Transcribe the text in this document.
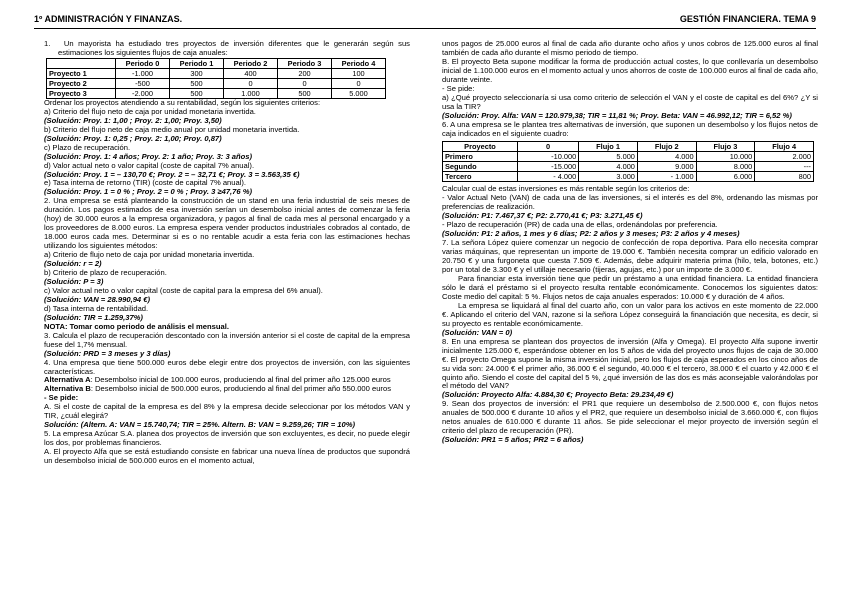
1º ADMINISTRACIÓN Y FINANZAS.	GESTIÓN FINANCIERA. TEMA 9

1. Un mayorista ha estudiado tres proyectos de inversión diferentes que le generarán según sus estimaciones los siguientes flujos de caja anuales:

	Periodo 0	Periodo 1	Periodo 2	Periodo 3	Periodo 4
Proyecto 1	-1.000	300	400	200	100
Proyecto 2	-500	500	0	0	0
Proyecto 3	-2.000	500	1.000	500	5.000

Ordenar los proyectos atendiendo a su rentabilidad, según los siguientes criterios:

a) Criterio del flujo neto de caja por unidad monetaria invertida.

(Solución: Proy. 1: 1,00 ; Proy. 2: 1,00; Proy. 3,50)

b) Criterio del flujo neto de caja medio anual por unidad monetaria invertida.

(Solución: Proy. 1: 0,25 ; Proy. 2: 1,00; Proy. 0,87)

c) Plazo de recuperación.

(Solución: Proy. 1: 4 años; Proy. 2: 1 año; Proy. 3: 3 años)

d) Valor actual neto o valor capital (coste de capital 7% anual).

(Solución: Proy. 1 = – 130,70 €; Proy. 2 = – 32,71 €; Proy. 3 = 3.563,35 €)

e) Tasa interna de retorno (TIR) (coste de capital 7% anual).

(Solución: Proy. 1 = 0 % ; Proy. 2 = 0 % ; Proy. 3 ≥47,76 %)

2. Una empresa se está planteando la construcción de un stand en una feria industrial de seis meses de duración. Los pagos estimados de esa inversión serían un desembolso inicial antes de comenzar la feria (hoy) de 30.000 euros a la empresa organizadora, y pagos al final de cada mes al personal encargado y a los proveedores de 8.000 euros. La empresa espera vender productos industriales cobrados al contado, de 18.000 euros cada mes. Determinar si es o no rentable acudir a esta feria con las estimaciones hechas utilizando los siguientes métodos:

a) Criterio de flujo neto de caja por unidad monetaria invertida.

(Solución: r = 2)

b) Criterio de plazo de recuperación.

(Solución: P = 3)

c) Valor actual neto o valor capital (coste de capital para la empresa del 6% anual).

(Solución: VAN = 28.990,94 €)

d) Tasa interna de rentabilidad.

(Solución: TIR = 1.259,37%)

NOTA: Tomar como periodo de análisis el mensual.

3. Calcula el plazo de recuperación descontado con la inversión anterior si el coste de capital de la empresa fuese del 1,7% mensual.

(Solución: PRD = 3 meses y 3 días)

4. Una empresa que tiene 500.000 euros debe elegir entre dos proyectos de inversión, con las siguientes características.

Alternativa A: Desembolso inicial de 100.000 euros, produciendo al final del primer año 125.000 euros

Alternativa B: Desembolso inicial de 500.000 euros, produciendo al final del primer año 550.000 euros

- Se pide:

A. Si el coste de capital de la empresa es del 8% y la empresa decide seleccionar por los métodos VAN y TIR, ¿cuál elegirá?

Solución: (Altern. A: VAN = 15.740,74; TIR = 25%. Altern. B: VAN = 9.259,26; TIR = 10%)

5. La empresa Azúcar S.A. planea dos proyectos de inversión que son excluyentes, es decir, no puede elegir los dos, por problemas financieros.

A. El proyecto Alfa que se está estudiando consiste en fabricar una nueva línea de productos que supondrá un desembolso inicial de 500.000 euros en el momento actual,

unos pagos de 25.000 euros al final de cada año durante ocho años y unos cobros de 125.000 euros al final también de cada año durante el mismo periodo de tiempo.

B. El proyecto Beta supone modificar la forma de producción actual costes, lo que conllevaría un desembolso inicial de 1.100.000 euros en el momento actual y unos ahorros de coste de 100.000 euros al final de cada año, durante veinte.

- Se pide:

a) ¿Qué proyecto seleccionaría si usa como criterio de selección el VAN y el coste de capital es del 6%? ¿Y si usa la TIR?

(Solución: Proy. Alfa: VAN = 120.979,38; TIR = 11,81 %; Proy. Beta: VAN = 46.992,12; TIR = 6,52 %)

6. A una empresa se le plantea tres alternativas de inversión, que suponen un desembolso y los flujos netos de caja indicados en el siguiente cuadro:

Proyecto	0	Flujo 1	Flujo 2	Flujo 3	Flujo 4
Primero	-10.000	5.000	4.000	10.000	2.000
Segundo	-15.000	4.000	9.000	8.000	---
Tercero	- 4.000	3.000	- 1.000	6.000	800

Calcular cual de estas inversiones es más rentable según los criterios de:

- Valor Actual Neto (VAN) de cada una de las inversiones, si el interés es del 8%, ordenando las mismas por preferencias de realización.

(Solución: P1: 7.467,37 €; P2: 2.770,41 €; P3: 3.271,45 €)

- Plazo de recuperación (PR) de cada una de ellas, ordenándolas por preferencia.

(Solución: P1: 2 años, 1 mes y 6 días; P2: 2 años y 3 meses; P3: 2 años y 4 meses)

7. La señora López quiere comenzar un negocio de confección de ropa deportiva. Para ello necesita comprar varias máquinas, que representan un importe de 19.000 €. También necesita comprar un edificio valorado en 20.750 € y una furgoneta que cuesta 7.509 €. Además, debe adquirir materia prima (hilo, tela, botones, etc.) por un total de 3.300 € y el utillaje necesario (tijeras, agujas, etc.) por un importe de 3.000 €.

Para financiar esta inversión tiene que pedir un préstamo a una entidad financiera. La entidad financiera sólo le dará el préstamo si el proyecto resulta rentable económicamente. Conocemos los siguientes datos: Coste medio del capital: 5 %. Flujos netos de caja anuales esperados: 10.000 € y duración de 4 años.

La empresa se liquidará al final del cuarto año, con un valor para los activos en este momento de 22.000 €. Aplicando el criterio del VAN, razone si la señora López conseguirá la financiación que necesita, es decir, si su proyecto es rentable económicamente.

(Solución: VAN = 0)

8. En una empresa se plantean dos proyectos de inversión (Alfa y Omega). El proyecto Alfa supone invertir inicialmente 125.000 €, esperándose obtener en los 5 años de vida del proyecto unos flujos de caja de 30.000 €. El proyecto Omega supone la misma inversión inicial, pero los flujos de caja esperados en los cinco años de su vida son: 24.000 € el primer año, 36.000 € el segundo, 40.000 € el tercero, 38.000 € el cuarto y 42.000 € el quinto año. Siendo el coste del capital del 5 %, ¿qué inversión de las dos es más aconsejable valorándolas por el método del VAN?

(Solución: Proyecto Alfa: 4.884,30 €; Proyecto Beta: 29.234,49 €)

9. Sean dos proyectos de inversión: el PR1 que requiere un desembolso de 2.500.000 €, con flujos netos anuales de 500.000 € durante 10 años y el PR2, que requiere un desembolso inicial de 3.660.000 €, con flujos netos anuales de 610.000 € durante 11 años. Se pide seleccionar el mejor proyecto de inversión según el criterio del plazo de recuperación (PR).

(Solución: PR1 = 5 años; PR2 = 6 años)
